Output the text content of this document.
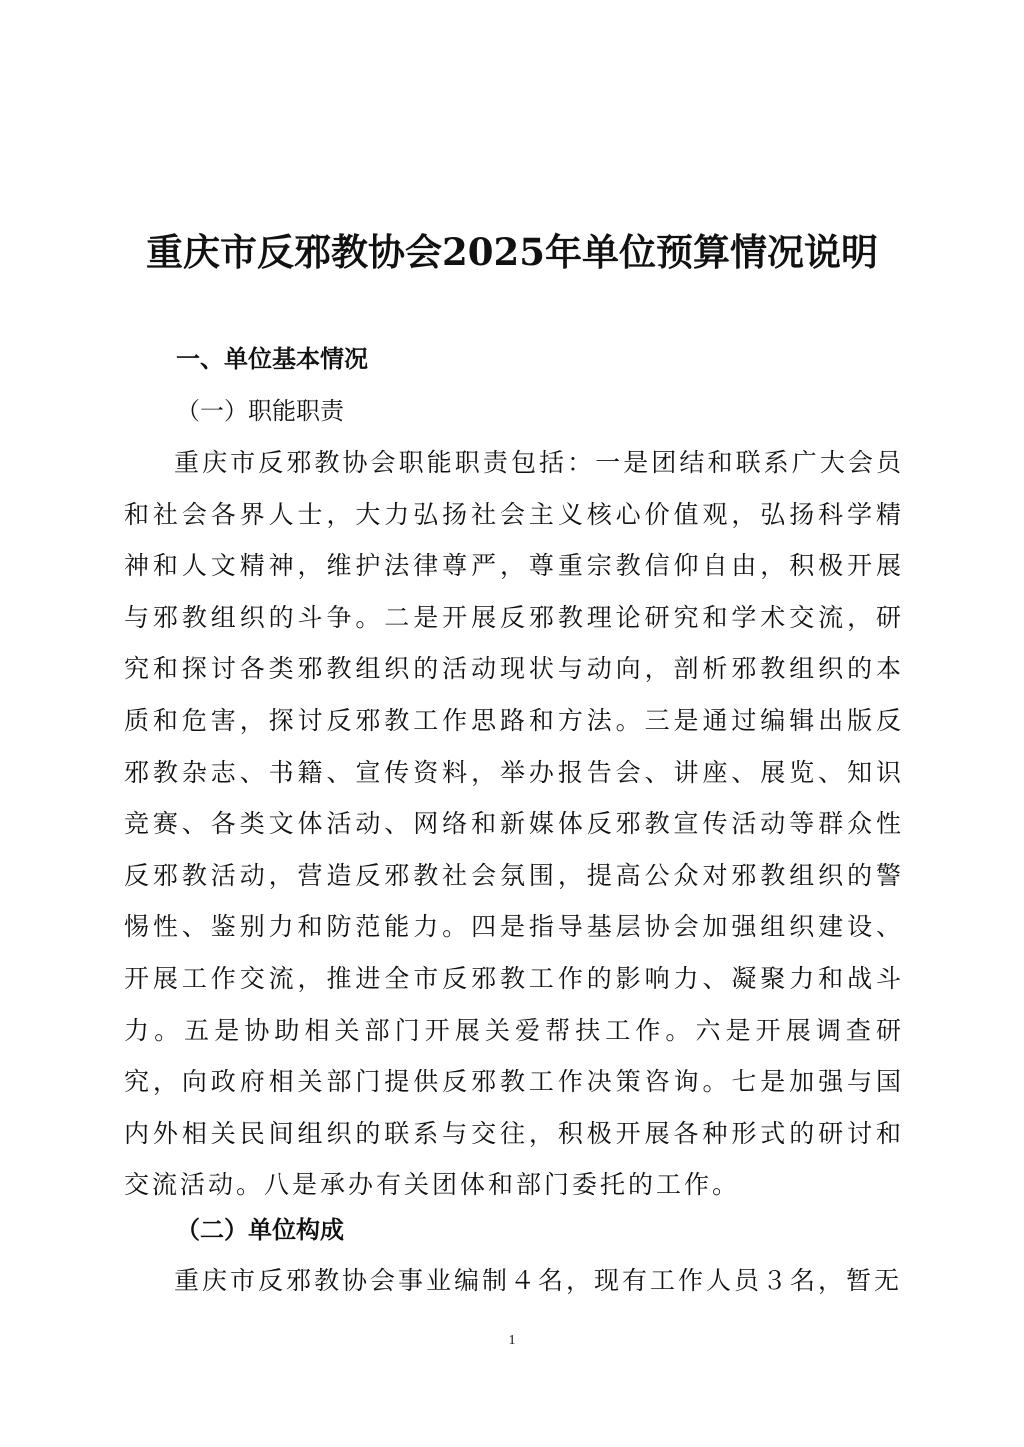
重庆市反邪教协会2025年单位预算情况说明
一、单位基本情况
（一）职能职责
重庆市反邪教协会职能职责包括：一是团结和联系广大会员和社会各界人士，大力弘扬社会主义核心价值观，弘扬科学精神和人文精神，维护法律尊严，尊重宗教信仰自由，积极开展与邪教组织的斗争。二是开展反邪教理论研究和学术交流，研究和探讨各类邪教组织的活动现状与动向，剖析邪教组织的本质和危害，探讨反邪教工作思路和方法。三是通过编辑出版反邪教杂志、书籍、宣传资料，举办报告会、讲座、展览、知识竞赛、各类文体活动、网络和新媒体反邪教宣传活动等群众性反邪教活动，营造反邪教社会氛围，提高公众对邪教组织的警惕性、鉴别力和防范能力。四是指导基层协会加强组织建设、开展工作交流，推进全市反邪教工作的影响力、凝聚力和战斗力。五是协助相关部门开展关爱帮扶工作。六是开展调查研究，向政府相关部门提供反邪教工作决策咨询。七是加强与国内外相关民间组织的联系与交往，积极开展各种形式的研讨和交流活动。八是承办有关团体和部门委托的工作。
（二）单位构成
重庆市反邪教协会事业编制４名，现有工作人员３名，暂无
1
